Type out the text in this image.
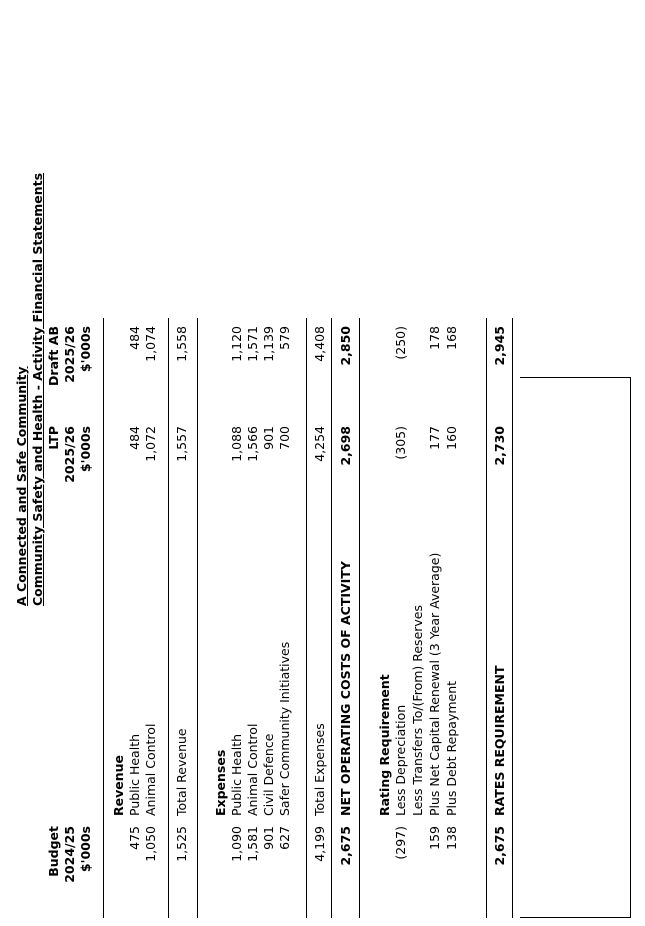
A Connected and Safe Community Community Safety and Health - Activity Financial Statements
Budget 2024/25 $'000s
LTP 2025/26 $'000s
Draft AB 2025/26 $'000s
Revenue
475
Public Health
484
484
1,050
Animal Control
1,072
1,074
1,525
Total Revenue
1,557
1,558
Expenses
1,090
Public Health
1,088
1,120
1,581
Animal Control
1,566
1,571
901
Civil Defence
901
1,139
627
Safer Community Initiatives
700
579
4,199
Total Expenses
4,254
4,408
2,675
NET OPERATING COSTS OF ACTIVITY
2,698
2,850
Rating Requirement
(297)
Less Depreciation
(305)
(250)
Less Transfers To/(From) Reserves
159
Plus Net Capital Renewal (3 Year Average)
177
178
138
Plus Debt Repayment
160
168
2,675
RATES REQUIREMENT
2,730
2,945
